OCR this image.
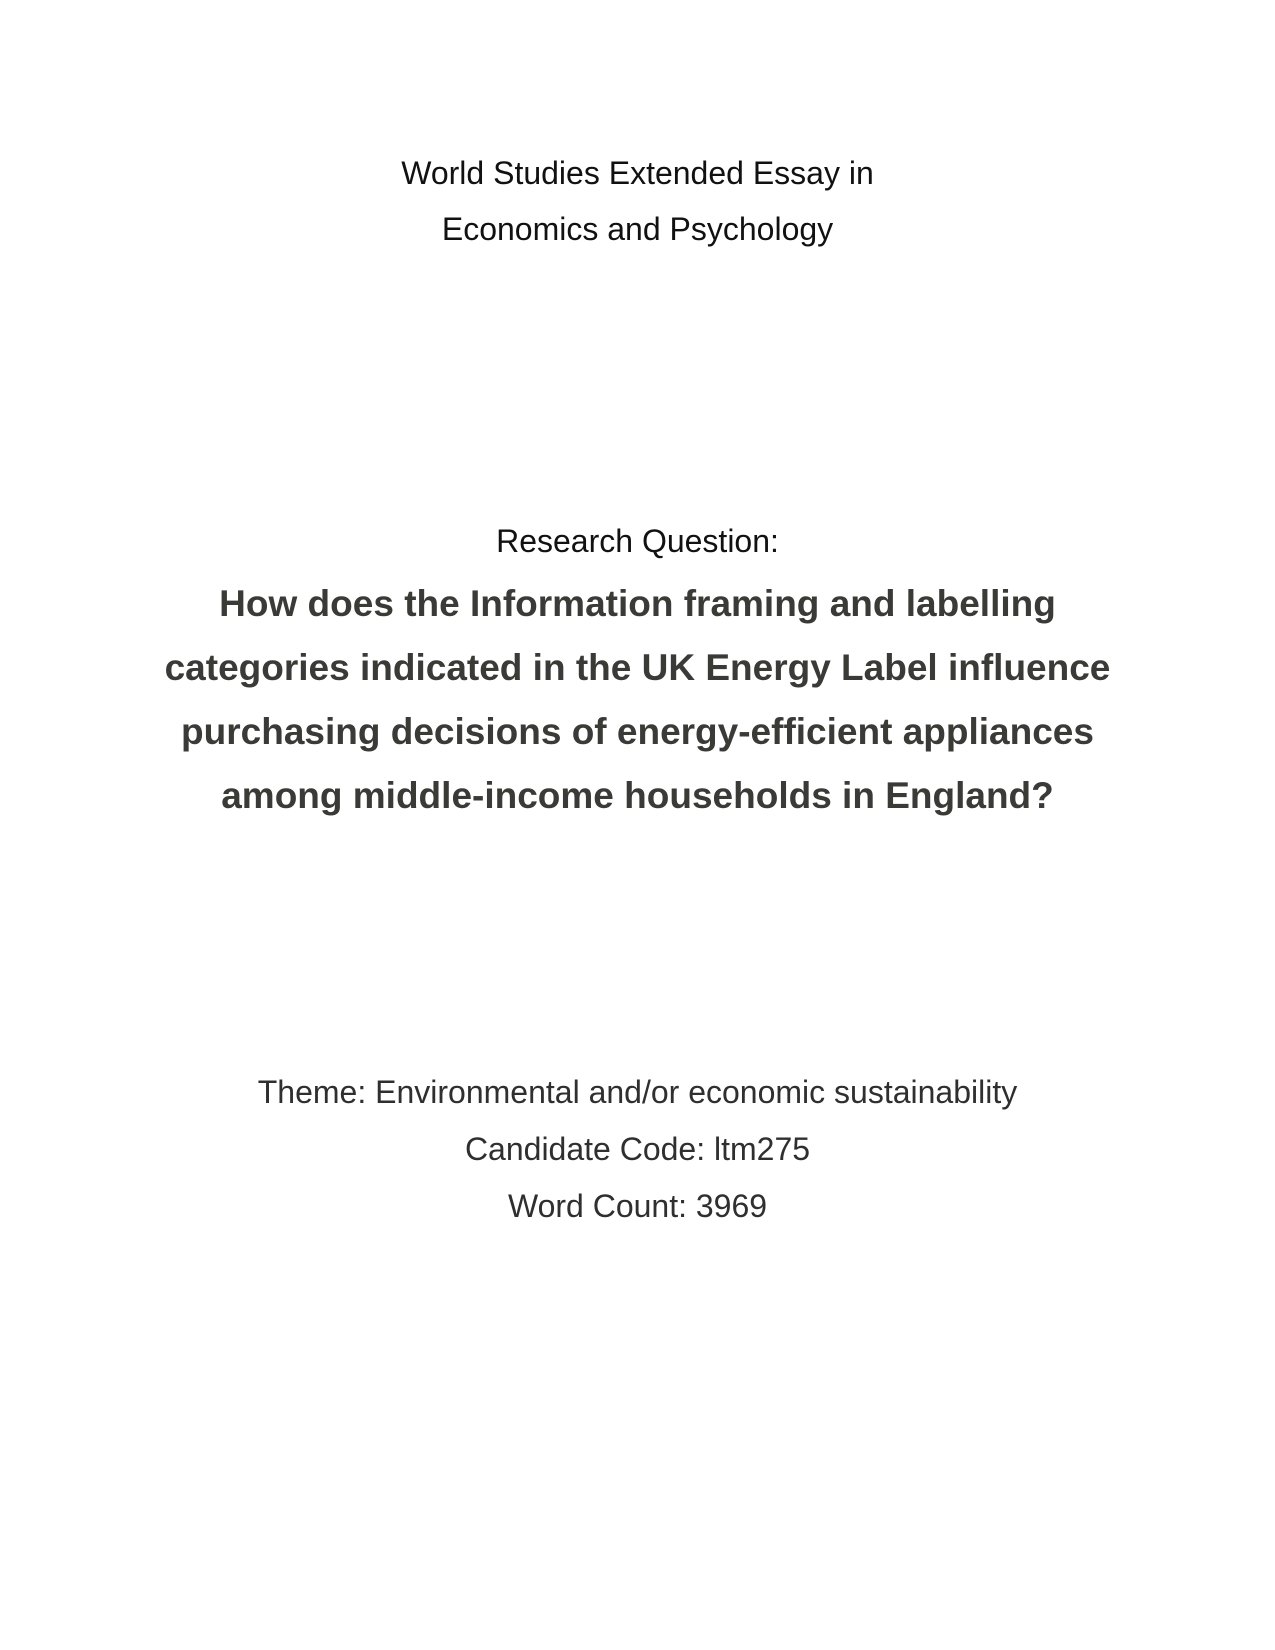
World Studies Extended Essay in
Economics and Psychology
Research Question:
How does the Information framing and labelling
categories indicated in the UK Energy Label influence
purchasing decisions of energy-efficient appliances
among middle-income households in England?
Theme: Environmental and/or economic sustainability
Candidate Code: ltm275
Word Count: 3969
